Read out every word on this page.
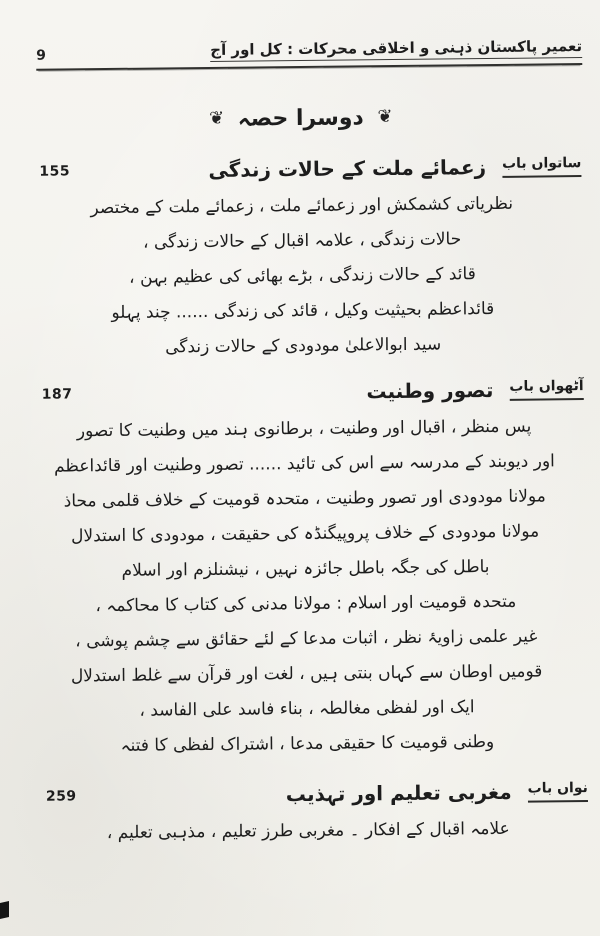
9	تعمیر پاکستان ذہنی و اخلاقی محرکات : کل اور آج
❦ دوسرا حصہ ❦
ساتواں باب
زعمائے ملت کے حالات زندگی
155
نظریاتی کشمکش اور زعمائے ملت ، زعمائے ملت کے مختصر
حالات زندگی ، علامہ اقبال کے حالات زندگی ،
قائد کے حالات زندگی ، بڑے بھائی کی عظیم بہن ،
قائداعظم بحیثیت وکیل ، قائد کی زندگی ...... چند پہلو
سید ابوالاعلیٰ مودودی کے حالات زندگی
آٹھواں باب
تصور وطنیت
187
پس منظر ، اقبال اور وطنیت ، برطانوی ہند میں وطنیت کا تصور
اور دیوبند کے مدرسہ سے اس کی تائید ...... تصور وطنیت اور قائداعظم
مولانا مودودی اور تصور وطنیت ، متحدہ قومیت کے خلاف قلمی محاذ
مولانا مودودی کے خلاف پروپیگنڈہ کی حقیقت ، مودودی کا استدلال
باطل کی جگہ باطل جائزہ نہیں ، نیشنلزم اور اسلام
متحدہ قومیت اور اسلام : مولانا مدنی کی کتاب کا محاکمہ ،
غیر علمی زاویۂ نظر ، اثبات مدعا کے لئے حقائق سے چشم پوشی ،
قومیں اوطان سے کہاں بنتی ہیں ، لغت اور قرآن سے غلط استدلال
ایک اور لفظی مغالطہ ، بناء فاسد علی الفاسد ،
وطنی قومیت کا حقیقی مدعا ، اشتراک لفظی کا فتنہ
نواں باب
مغربی تعلیم اور تہذیب
259
علامہ اقبال کے افکار ۔ مغربی طرز تعلیم ، مذہبی تعلیم ،
